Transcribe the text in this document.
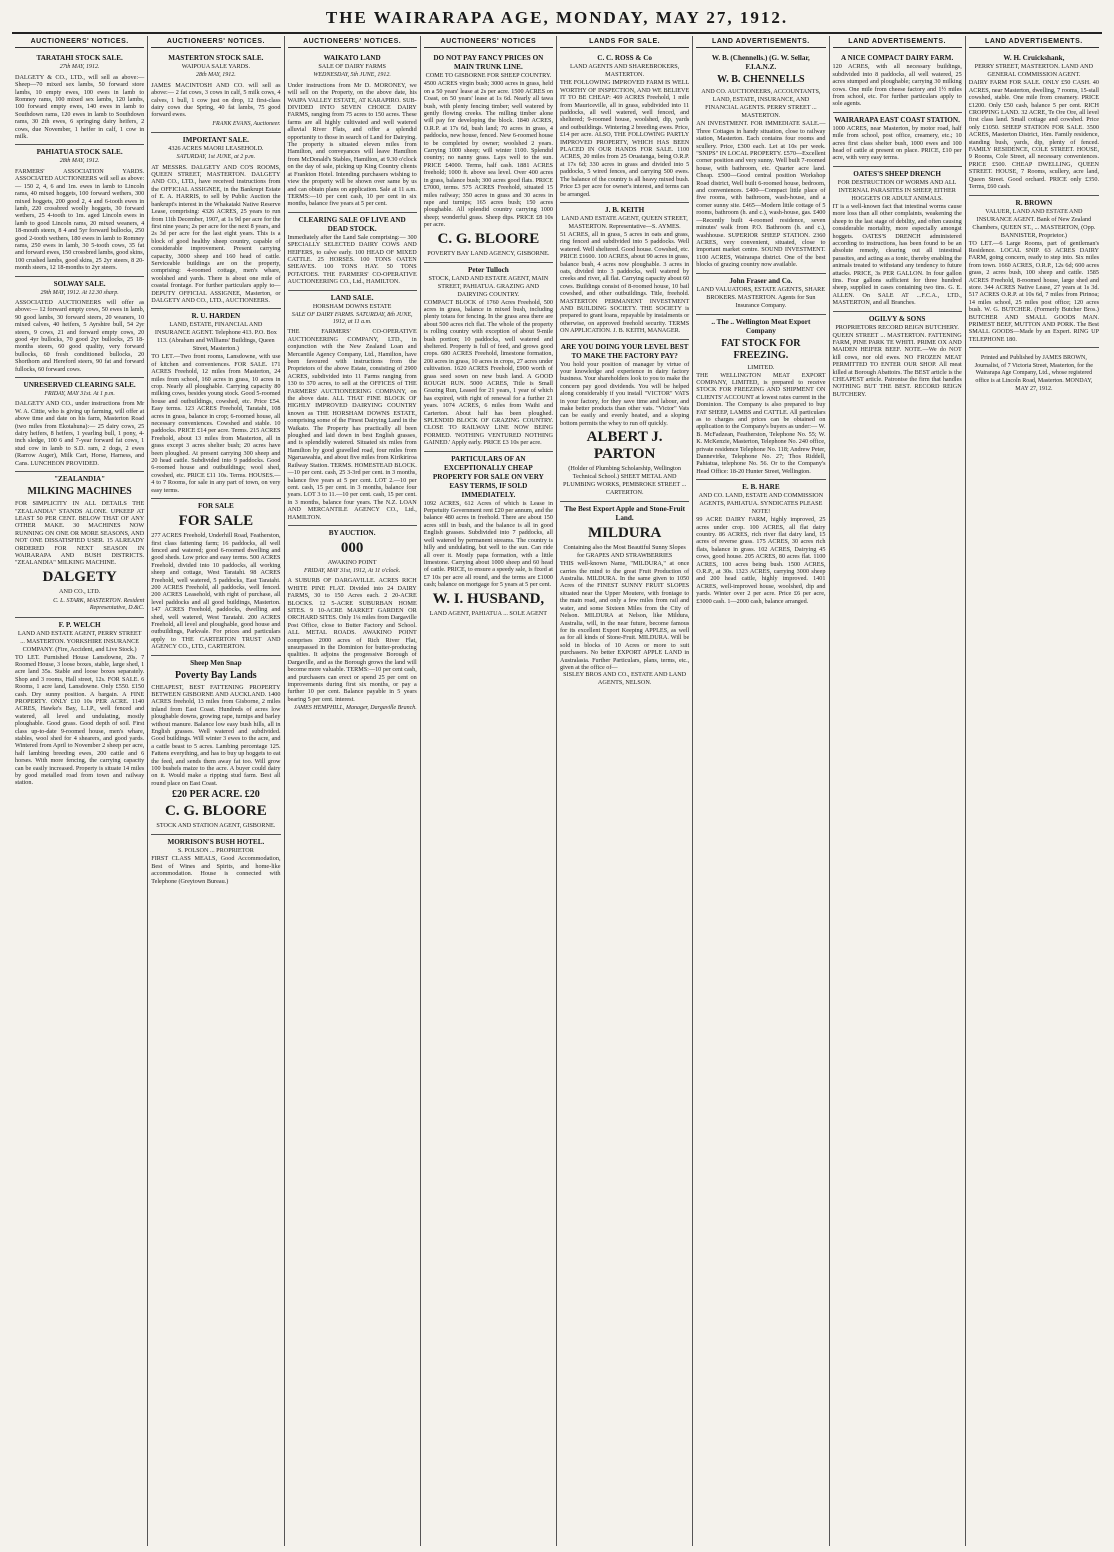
THE WAIRARAPA AGE, MONDAY, MAY 27, 1912.
AUCTIONEERS' NOTICES.
TARATAHI STOCK SALE.
27th MAY, 1912.
DALGETY & CO., LTD., will sell as above:— Sheep—70 mixed sex lambs, 50 forward store lambs, 10 empty ewes, 100 ewes in lamb to Romney rams, 100 mixed sex lambs, 120 lambs, 100 forward empty ewes, 140 ewes in lamb to Southdown rams, 120 ewes in lamb to Southdown rams, 30 2th ewes, 6 springing dairy heifers, 2 cows, due November, 1 heifer in calf, 1 cow in milk.
PAHIATUA STOCK SALE.
28th MAY, 1912.
FARMERS' ASSOCIATION YARDS. ASSOCIATED AUCTIONEERS will sell as above:— 150 2, 4, 6 and 1m. ewes in lamb to Lincoln rams, 40 mixed hoggets, 100 forward wethers, 300 mixed hoggets, 200 good 2, 4 and 6-tooth ewes in lamb, 220 crossbred woolly hoggets, 30 forward wethers, 25 4-tooth to 1m. aged Lincoln ewes in lamb to good Lincoln rams, 20 mixed weaners, 4 18-mouth steers, 8 4 and 5yr forward bullocks, 250 good 2-tooth wethers, 180 ewes in lamb to Romney rams, 250 ewes in lamb, 30 5-tooth cows, 35 fat and forward ewes, 150 crossbred lambs, good skins, 100 crushed lambs, good skins, 25 2yr steers, 8 20-month steers, 12 18-months to 2yr steers.
SOLWAY SALE.
29th MAY, 1912. At 12.30 sharp.
ASSOCIATED AUCTIONEERS will offer as above:— 12 forward empty cows, 50 ewes in lamb, 90 good lambs, 30 forward steers, 20 weaners, 10 mixed calves, 40 heifers, 5 Ayrshire bull, 54 2yr steers, 9 cows, 21 and forward empty cows, 20 good 4yr bullocks, 70 good 2yr bullocks, 25 18-months steers, 60 good quality, very forward bullocks, 60 fresh conditioned bullocks, 20 Shorthorn and Hereford steers, 90 fat and forward fullocks, 60 forward cows.
UNRESERVED CLEARING SALE.
FRIDAY, MAY 31st. At 1 p.m.
DALGETY AND CO., under instructions from Mr W. A. Cittie, who is giving up farming, will offer at above time and date on his farm, Masterton Road (two miles from Ekotahuna):— 25 dairy cows, 25 dairy heifers, 8 heifers, 1 yearling bull, 1 pony, 4-inch sledge, 100 6 and 7-year forward fat cows, 1 stud cow in lamb to S.D. ram, 2 dogs, 2 ewes (Rarrow Auger), Milk Cart, Horse, Harness, and Cans. LUNCHEON PROVIDED.
"ZEALANDIA"
MILKING MACHINES
FOR SIMPLICITY IN ALL DETAILS THE "ZEALANDIA" STANDS ALONE. UPKEEP AT LEAST 50 PER CENT. BELOW THAT OF ANY OTHER MAKE. 30 MACHINES NOW RUNNING ON ONE OR MORE SEASONS, AND NOT ONE DISSATISFIED USER. 15 ALREADY ORDERED FOR NEXT SEASON IN WAIRARAPA AND BUSH DISTRICTS. "ZEALANDIA" MILKING MACHINE.
DALGETY
AND CO., LTD.
C. L. STARK, MASTERTON. Resident Representative, D.&C.
F. P. WELCH
LAND AND ESTATE AGENT, PERRY STREET ... MASTERTON. YORKSHIRE INSURANCE COMPANY. (Fire, Accident, and Live Stock.)
TO LET. Furnished House Lansdowne, 20s. 7 Roomed House, 3 loose boxes, stable, large shed, 1 acre land 35s. Stable and loose boxes separately. Shop and 3 rooms, Hall street, 12s. FOR SALE. 6 Rooms, 1 acre land, Lansdowne. Only £550. £150 cash. Dry sunny position. A bargain. A FINE PROPERTY. ONLY £10 10s PER ACRE. 1140 ACRES, Hawke's Bay, L.I.P., well fenced and watered, all level and undulating, mostly ploughable. Good grass. Good depth of soil. First class up-to-date 9-roomed house, men's whare, stables, wool shed for 4 shearers, and good yards. Wintered from April to November 2 sheep per acre, half lambing breeding ewes, 200 cattle and 6 horses. With more fencing, the carrying capacity can be easily increased. Property is situate 14 miles by good metalled road from town and railway station.
AUCTIONEERS' NOTICES.
MASTERTON STOCK SALE.
WAIPOUA SALE YARDS.
28th MAY, 1912.
JAMES MACINTOSH AND CO. will sell as above:— 2 fat cows, 3 cows in calf, 5 milk cows, 4 calves, 1 bull, 1 cow just on drop, 12 first-class dairy cows due Spring, 40 fat lambs, 75 good forward ewes.
FRANK EVANS, Auctioneer.
IMPORTANT SALE.
4326 ACRES MAORI LEASEHOLD.
SATURDAY, 1st JUNE, at 2 p.m.
AT MESSRS. DALGETY AND CO'S ROOMS, QUEEN STREET, MASTERTON. DALGETY AND CO., LTD., have received instructions from the OFFICIAL ASSIGNEE, in the Bankrupt Estate of E. A. HARRIS, to sell by Public Auction the bankrupt's interest in the Whakataki Native Reserve Lease, comprising: 4326 ACRES, 25 years to run from 11th December, 1907, at 1s 9d per acre for the first nine years; 2s per acre for the next 8 years, and 2s 3d per acre for the last eight years. This is a block of good healthy sheep country, capable of considerable improvement. Present carrying capacity, 3000 sheep and 160 head of cattle. Serviceable buildings are on the property, comprising: 4-roomed cottage, men's whare, woolshed and yards. There is about one mile of coastal frontage. For further particulars apply to— DEPUTY OFFICIAL ASSIGNEE, Masterton, or DALGETY AND CO., LTD., AUCTIONEERS.
R. U. HARDEN
LAND, ESTATE, FINANCIAL AND INSURANCE AGENT. Telephone 413. P.O. Box 113. (Abraham and Williams' Buildings, Queen Street, Masterton.)
TO LET.—Two front rooms, Lansdowne, with use of kitchen and conveniences. FOR SALE. 171 ACRES Freehold, 12 miles from Masterton, 24 miles from school, 160 acres in grass, 10 acres in crop. Nearly all ploughable. Carrying capacity 80 milking cows, besides young stock. Good 5-roomed house and outbuildings, cowshed, etc. Price £54. Easy terms. 123 ACRES Freehold, Taratahi, 108 acres in grass, balance in crop; 6-roomed house, all necessary conveniences. Cowshed and stable. 10 paddocks. PRICE £14 per acre. Terms. 215 ACRES Freehold, about 13 miles from Masterton, all in grass except 3 acres shelter bush; 20 acres have been ploughed. At present carrying 300 sheep and 20 head cattle. Subdivided into 9 paddocks. Good 6-roomed house and outbuildings; wool shed, cowshed, etc. PRICE £11 10s. Terms. HOUSES.—4 to 7 Rooms, for sale in any part of town, on very easy terms.
FOR SALE
FOR SALE
277 ACRES Freehold, Underhill Road, Featherston, first class fattening farm; 16 paddocks, all well fenced and watered; good 6-roomed dwelling and good sheds. Low price and easy terms. 500 ACRES Freehold, divided into 10 paddocks, all working sheep and cottage, West Taratahi. 98 ACRES Freehold, well watered, 5 paddocks, East Taratahi. 200 ACRES Freehold, all paddocks, well fenced. 200 ACRES Leasehold, with right of purchase, all level paddocks and all good buildings, Masterton. 147 ACRES Freehold, paddocks, dwelling and shed, well watered, West Taratahi. 200 ACRES Freehold, all level and ploughable, good house and outbuildings, Parkvale. For prices and particulars apply to THE CARTERTON TRUST AND AGENCY CO., LTD., CARTERTON.
Sheep Men Snap
Poverty Bay Lands
CHEAPEST, BEST FATTENING PROPERTY BETWEEN GISBORNE AND AUCKLAND. 1400 ACRES freehold, 13 miles from Gisborne, 2 miles inland from East Coast. Hundreds of acres low ploughable downs, growing rape, turnips and barley without manure. Balance low easy bush hills, all in English grasses. Well watered and subdivided. Good buildings. Will winter 3 ewes to the acre, and a cattle beast to 5 acres. Lambing percentage 125. Fattens everything, and has to buy up hoggets to eat the feed, and sends them away fat too. Will grow 100 bushels maize to the acre. A buyer could dairy on it. Would make a ripping stud farm. Best all round place on East Coast.
£20 PER ACRE. £20
C. G. BLOORE
STOCK AND STATION AGENT, GISBORNE.
MORRISON'S BUSH HOTEL.
S. POLSON ... PROPRIETOR
FIRST CLASS MEALS, Good Accommodation, Best of Wines and Spirits, and home-like accommodation. House is connected with Telephone (Greytown Bureau.)
AUCTIONEERS' NOTICES.
WAIKATO LAND
SALE OF DAIRY FARMS
WEDNESDAY, 5th JUNE, 1912.
Under instructions from Mr D. MORONEY, we will sell on the Property, on the above date, his WAIPA VALLEY ESTATE, AT KARAPIRO. SUB-DIVIDED INTO SEVEN CHOICE DAIRY FARMS, ranging from 75 acres to 150 acres. These farms are all highly cultivated and well watered alluvial River Flats, and offer a splendid opportunity to those in search of Land for Dairying. The property is situated eleven miles from Hamilton, and conveyances will leave Hamilton from McDonald's Stables, Hamilton, at 9.30 o'clock on the day of sale, picking up King Country clients at Frankton Hotel. Intending purchasers wishing to view the property will be shown over same by us and can obtain plans on application. Sale at 11 a.m. TERMS:—10 per cent cash, 10 per cent in six months, balance five years at 5 per cent.
CLEARING SALE OF LIVE AND DEAD STOCK.
Immediately after the Land Sale comprising:— 300 SPECIALLY SELECTED DAIRY COWS AND HEIFERS, to calve early. 100 HEAD OF MIXED CATTLE. 25 HORSES. 100 TONS OATEN SHEAVES. 100 TONS HAY. 50 TONS POTATOES. THE FARMERS' CO-OPERATIVE AUCTIONEERING CO., Ltd., HAMILTON.
LAND SALE.
HORSHAM DOWNS ESTATE
SALE OF DAIRY FARMS. SATURDAY, 8th JUNE, 1912, at 11 a.m.
THE FARMERS' CO-OPERATIVE AUCTIONEERING COMPANY, LTD., in conjunction with the New Zealand Loan and Mercantile Agency Company, Ltd., Hamilton, have been favoured with instructions from the Proprietors of the above Estate, consisting of 2900 ACRES, subdivided into 11 Farms ranging from 130 to 370 acres, to sell at the OFFICES of THE FARMERS' AUCTIONEERING COMPANY, on the above date. ALL THAT FINE BLOCK OF HIGHLY IMPROVED DAIRYING COUNTRY known as THE HORSHAM DOWNS ESTATE, comprising some of the Finest Dairying Land in the Waikato. The Property has practically all been ploughed and laid down in best English grasses, and is splendidly watered. Situated six miles from Hamilton by good gravelled road, four miles from Ngaruawahia, and about five miles from Kirikiriroa Railway Station. TERMS. HOMESTEAD BLOCK.—10 per cent. cash, 25 3-3rd per cent. in 3 months, balance five years at 5 per cent. LOT 2.—10 per cent. cash, 15 per cent. in 3 months, balance four years. LOT 3 to 11.—10 per cent. cash, 15 per cent. in 3 months, balance four years. The N.Z. LOAN AND MERCANTILE AGENCY CO., Ltd., HAMILTON.
BY AUCTION.
000
AWAKINO POINT
FRIDAY, MAY 31st, 1912, At 11 o'clock.
A SUBURB OF DARGAVILLE. ACRES RICH WHITE PINE FLAT. Divided into 24 DAIRY FARMS, 30 to 150 Acres each. 2 20-ACRE BLOCKS. 12 5-ACRE SUBURBAN HOME SITES. 9 10-ACRE MARKET GARDEN OR ORCHARD SITES. Only 1¼ miles from Dargaville Post Office, close to Butter Factory and School. ALL METAL ROADS. AWAKINO POINT comprises 2000 acres of Rich River Flat, unsurpassed in the Dominion for butter-producing qualities. It adjoins the progressive Borough of Dargaville, and as the Borough grows the land will become more valuable. TERMS:—10 per cent cash, and purchasers can erect or spend 25 per cent on improvements during first six months, or pay a further 10 per cent. Balance payable in 5 years bearing 5 per cent. interest.
JAMES HEMPHILL, Manager, Dargaville Branch.
AUCTIONEERS' NOTICES
DO NOT PAY FANCY PRICES ON MAIN TRUNK LINE.
COME TO GISBORNE FOR SHEEP COUNTRY.
4500 ACRES virgin bush; 3000 acres in grass, held on a 50 years' lease at 2s per acre. 1500 ACRES on Coast, on 50 years' lease at 1s 6d. Nearly all tawa bush, with plenty fencing timber; well watered by gently flowing creeks. The milling timber alone will pay for developing the block. 1840 ACRES, O.R.P. at 17s 6d, bush land; 70 acres in grass, 4 paddocks, new house, fenced. New 6-roomed house to be completed by owner; woolshed 2 years. Carrying 1000 sheep; will winter 1100. Splendid country; no nanny grass. Lays well to the sun. PRICE £4000. Terms, half cash. 1881 ACRES freehold; 1000 ft. above sea level. Over 400 acres in grass, balance bush; 300 acres good flats. PRICE £7000, terms. 575 ACRES Freehold, situated 15 miles railway; 350 acres in grass and 30 acres in rape and turnips; 165 acres bush; 150 acres ploughable. All splendid country carrying 1000 sheep; wonderful grass. Sheep dips. PRICE £8 10s per acre.
C. G. BLOORE
POVERTY BAY LAND AGENCY, GISBORNE.
Peter Tulloch
STOCK, LAND AND ESTATE AGENT, MAIN STREET, PAHIATUA. GRAZING AND DAIRYING COUNTRY.
COMPACT BLOCK of 1760 Acres Freehold, 500 acres in grass, balance in mixed bush, including plenty totara for fencing. In the grass area there are about 500 acres rich flat. The whole of the property is rolling country with exception of about 9-mile bush portion; 10 paddocks, well watered and sheltered. Property is full of feed, and grows good crops. 680 ACRES Freehold, limestone formation, 200 acres in grass, 10 acres in crops, 27 acres under cultivation. 1620 ACRES Freehold, £900 worth of grass seed sown on new bush land. A GOOD ROUGH RUN. 5000 ACRES, Title is Small Grazing Run, Leased for 21 years, 1 year of which has expired, with right of renewal for a further 21 years. 1074 ACRES, 6 miles from Waihi and Carterton. About half has been ploughed. SPLENDID BLOCK OF GRAZING COUNTRY. CLOSE TO RAILWAY LINE NOW BEING FORMED. 'NOTHING VENTURED NOTHING GAINED.' Apply early. PRICE £3 10s per acre.
PARTICULARS OF AN EXCEPTIONALLY CHEAP PROPERTY FOR SALE ON VERY EASY TERMS, IF SOLD IMMEDIATELY.
1092 ACRES, 612 Acres of which is Lease in Perpetuity Government rent £20 per annum, and the balance 480 acres in freehold. There are about 150 acres still in bush, and the balance is all in good English grasses. Subdivided into 7 paddocks, all well watered by permanent streams. The country is hilly and undulating, but well to the sun. Can ride all over it. Mostly papa formation, with a little limestone. Carrying about 1000 sheep and 60 head of cattle. PRICE, to ensure a speedy sale, is fixed at £7 10s per acre all round, and the terms are £1000 cash; balance on mortgage for 5 years at 5 per cent.
W. I. HUSBAND,
LAND AGENT, PAHIATUA ... SOLE AGENT
LANDS FOR SALE.
C. C. ROSS & Co
LAND AGENTS AND SHAREBROKERS, MASTERTON.
THE FOLLOWING IMPROVED FARM IS WELL WORTHY OF INSPECTION, AND WE BELIEVE IT TO BE CHEAP: 469 ACRES Freehold, 1 mile from Mauriceville, all in grass, subdivided into 11 paddocks, all well watered, well fenced, and sheltered; 9-roomed house, woolshed, dip, yards and outbuildings. Wintering 2 breeding ewes. Price, £14 per acre. ALSO, THE FOLLOWING PARTLY IMPROVED PROPERTY, WHICH HAS BEEN PLACED IN OUR HANDS FOR SALE. 1100 ACRES, 20 miles from 25 Oruatanga, being O.R.P. at 17s 6d; 330 acres in grass and divided into 5 paddocks, 5 wired fences, and carrying 500 ewes. The balance of the country is all heavy mixed bush. Price £3 per acre for owner's interest, and terms can be arranged.
J. B. KEITH
LAND AND ESTATE AGENT, QUEEN STREET, MASTERTON. Representative—S. AYMES.
51 ACRES, all in grass, 5 acres in oats and grass, ring fenced and subdivided into 5 paddocks. Well watered. Well sheltered. Good house. Cowshed, etc. PRICE £1600. 100 ACRES, about 90 acres in grass, balance bush, 4 acres now ploughable. 3 acres in oats, divided into 3 paddocks, well watered by creeks and river, all flat. Carrying capacity about 60 cows. Buildings consist of 8-roomed house, 10 bail cowshed, and other outbuildings. Title, freehold. MASTERTON PERMANENT INVESTMENT AND BUILDING SOCIETY. THE SOCIETY is prepared to grant loans, repayable by instalments or otherwise, on approved freehold security. TERMS ON APPLICATION. J. B. KEITH, MANAGER.
ARE YOU DOING YOUR LEVEL BEST TO MAKE THE FACTORY PAY?
You hold your position of manager by virtue of your knowledge and experience in dairy factory business. Your shareholders look to you to make the concern pay good dividends. You will be helped along considerably if you install "VICTOR" VATS in your factory, for they save time and labour, and make better products than other vats. "Victor" Vats can be easily and evenly heated, and a sloping bottom permits the whey to run off quickly.
ALBERT J. PARTON
(Holder of Plumbing Scholarship, Wellington Technical School.) SHEET METAL AND PLUMBING WORKS, PEMBROKE STREET ... CARTERTON.
The Best Export Apple and Stone-Fruit Land.
MILDURA
Containing also the Most Beautiful Sunny Slopes for GRAPES AND STRAWBERRIES
THIS well-known Name, "MILDURA," at once carries the mind to the great Fruit Production of Australia. MILDURA. In the same given to 1050 Acres of the FINEST SUNNY FRUIT SLOPES situated near the Upper Moutere, with frontage to the main road, and only a few miles from rail and water, and some Sixteen Miles from the City of Nelson. MILDURA at Nelson, like Mildura, Australia, will, in the near future, become famous for its excellent Export Keeping APPLES, as well as for all kinds of Stone-Fruit. MILDURA. Will be sold in blocks of 10 Acres or more to suit purchasers. No better EXPORT APPLE LAND in Australasia. Further Particulars, plans, terms, etc., given at the office of—
SISLEY BROS AND CO., ESTATE AND LAND AGENTS, NELSON.
LAND ADVERTISEMENTS.
W. B. (Chennells.) (G. W. Sellar, F.I.A.N.Z.
W. B. CHENNELLS
AND CO. AUCTIONEERS, ACCOUNTANTS, LAND, ESTATE, INSURANCE, AND FINANCIAL AGENTS. PERRY STREET ... MASTERTON.
AN INVESTMENT. FOR IMMEDIATE SALE.—Three Cottages in handy situation, close to railway station, Masterton. Each contains four rooms and scullery. Price, £300 each. Let at 10s per week. "SNIPS" IN LOCAL PROPERTY. £570—Excellent corner position and very sunny. Well built 7-roomed house, with bathroom, etc. Quarter acre land. Cheap. £500—Good central position Workshop Road district, Well built 6-roomed house, bedroom, and conveniences. £400—Compact little place of five rooms, with bathroom, wash-house, and a corner sunny site. £465—Modern little cottage of 5 rooms, bathroom (h. and c.), wash-house, gas. £400—Recently built 4-roomed residence, seven minutes' walk from P.O. Bathroom (h. and c.), washhouse. SUPERIOR SHEEP STATION. 2360 ACRES, very convenient, situated, close to important market centre. SOUND INVESTMENT. 1100 ACRES, Wairarapa district. One of the best blocks of grazing country now available.
John Fraser and Co.
LAND VALUATORS, ESTATE AGENTS, SHARE BROKERS. MASTERTON. Agents for Sun Insurance Company.
.. The .. Wellington Meat Export Company
FAT STOCK FOR FREEZING.
LIMITED.
THE WELLINGTON MEAT EXPORT COMPANY, LIMITED, is prepared to receive STOCK FOR FREEZING AND SHIPMENT ON CLIENTS' ACCOUNT at lowest rates current in the Dominion. The Company is also prepared to buy FAT SHEEP, LAMBS and CATTLE. All particulars as to charges and prices can be obtained on application to the Company's buyers as under:— W. B. McFadzean, Featherston, Telephone No. 55; W. K. McKenzie, Masterton, Telephone No. 240 office, private residence Telephone No. 118; Andrew Peter, Dannevirke, Telephone No. 27; Thos Riddell, Pahiatua, telephone No. 56. Or to the Company's Head Office: 18-20 Hunter Street, Wellington.
E. B. HARE
AND CO. LAND, ESTATE AND COMMISSION AGENTS, PAHIATUA. SYNDICATES PLEASE NOTE!
99 ACRE DAIRY FARM, highly improved, 25 acres under crop. 100 ACRES, all flat dairy country. 86 ACRES, rich river flat dairy land, 15 acres of reverse grass. 175 ACRES, 30 acres rich flats, balance in grass. 102 ACRES, Dairying 45 cows, good house. 205 ACRES, 80 acres flat. 1100 ACRES, 100 acres being bush. 1500 ACRES, O.R.P., at 30s. 1323 ACRES, carrying 3000 sheep and 200 head cattle, highly improved. 1401 ACRES, well-improved house, woolshed, dip and yards. Winter over 2 per acre. Price £6 per acre, £3000 cash. 1—2000 cash, balance arranged.
LAND ADVERTISEMENTS.
A NICE COMPACT DAIRY FARM.
120 ACRES, with all necessary buildings, subdivided into 8 paddocks, all well watered, 25 acres stumped and ploughable; carrying 30 milking cows. One mile from cheese factory and 1½ miles from school, etc. For further particulars apply to sole agents.
WAIRARAPA EAST COAST STATION.
1000 ACRES, near Masterton, by motor road, half mile from school, post office, creamery, etc.; 10 acres first class shelter bush, 1000 ewes and 100 head of cattle at present on place. PRICE, £10 per acre, with very easy terms.
OATES'S SHEEP DRENCH
FOR DESTRUCTION OF WORMS AND ALL INTERNAL PARASITES IN SHEEP, EITHER HOGGETS OR ADULT ANIMALS.
IT is a well-known fact that intestinal worms cause more loss than all other complaints, weakening the sheep to the last stage of debility, and often causing considerable mortality, more especially amongst hoggets. OATES'S DRENCH administered according to instructions, has been found to be an absolute remedy, clearing out all intestinal parasites, and acting as a tonic, thereby enabling the animals treated to withstand any tendency to future attacks. PRICE, 3s PER GALLON. In four gallon tins. Four gallons sufficient for three hundred sheep, supplied in cases containing two tins. G. E. ALLEN. On SALE AT ...F.C.A., LTD., MASTERTON, and all Branches.
OGILVY & SONS
PROPRIETORS RECORD REIGN BUTCHERY.
QUEEN STREET ... MASTERTON. FATTENING FARM, PINE PARK TE WHITI. PRIME OX AND MAIDEN HEIFER BEEF. NOTE.—We do NOT kill cows, nor old ewes. NO FROZEN MEAT PERMITTED TO ENTER OUR SHOP. All meat killed at Borough Abattoirs. The BEST article is the CHEAPEST article. Patronise the firm that handles NOTHING BUT THE BEST. RECORD REIGN BUTCHERY.
LAND ADVERTISEMENTS.
W. H. Cruickshank,
PERRY STREET, MASTERTON. LAND AND GENERAL COMMISSION AGENT.
DAIRY FARM FOR SALE. ONLY £50 CASH. 40 ACRES, near Masterton, dwelling, 7 rooms, 15-stall cowshed, stable. One mile from creamery. PRICE £1200. Only £50 cash, balance 5 per cent. RICH CROPPING LAND. 32 ACRE, Te Ore Ore, all level first class land. Small cottage and cowshed. Price only £1050. SHEEP STATION FOR SALE. 3500 ACRES, Masterton District, 16m. Family residence, standing bush, yards, dip, plenty of fenced. FAMILY RESIDENCE, COLE STREET. HOUSE, 9 Rooms, Cole Street, all necessary conveniences. PRICE £500. CHEAP DWELLING, QUEEN STREET. HOUSE, 7 Rooms, scullery, acre land, Queen Street. Good orchard. PRICE only £350. Terms, £60 cash.
R. BROWN
VALUER, LAND AND ESTATE AND INSURANCE AGENT. Bank of New Zealand Chambers, QUEEN ST., ... MASTERTON, (Opp. BANNISTER, Proprietor.)
TO LET.—6 Large Rooms, part of gentleman's Residence. LOCAL SNIP. 63 ACRES DAIRY FARM, going concern, ready to step into. Six miles from town. 1660 ACRES, O.R.P., 12s 6d; 600 acres grass, 2 acres bush, 100 sheep and cattle. 1585 ACRES Freehold, 8-roomed house, large shed and store. 344 ACRES Native Lease, 27 years at 1s 3d. 517 ACRES O.R.P. at 10s 6d, 7 miles from Pirinoa; 14 miles school, 25 miles post office; 120 acres bush. W. G. BUTCHER. (Formerly Butcher Bros.) BUTCHER AND SMALL GOODS MAN. PRIMEST BEEF, MUTTON AND PORK. The Best SMALL GOODS—Made by an Expert. RING UP TELEPHONE 180.
Printed and Published by JAMES BROWN, Journalist, of 7 Victoria Street, Masterton, for the Wairarapa Age Company, Ltd., whose registered office is at Lincoln Road, Masterton. MONDAY, MAY 27, 1912.
